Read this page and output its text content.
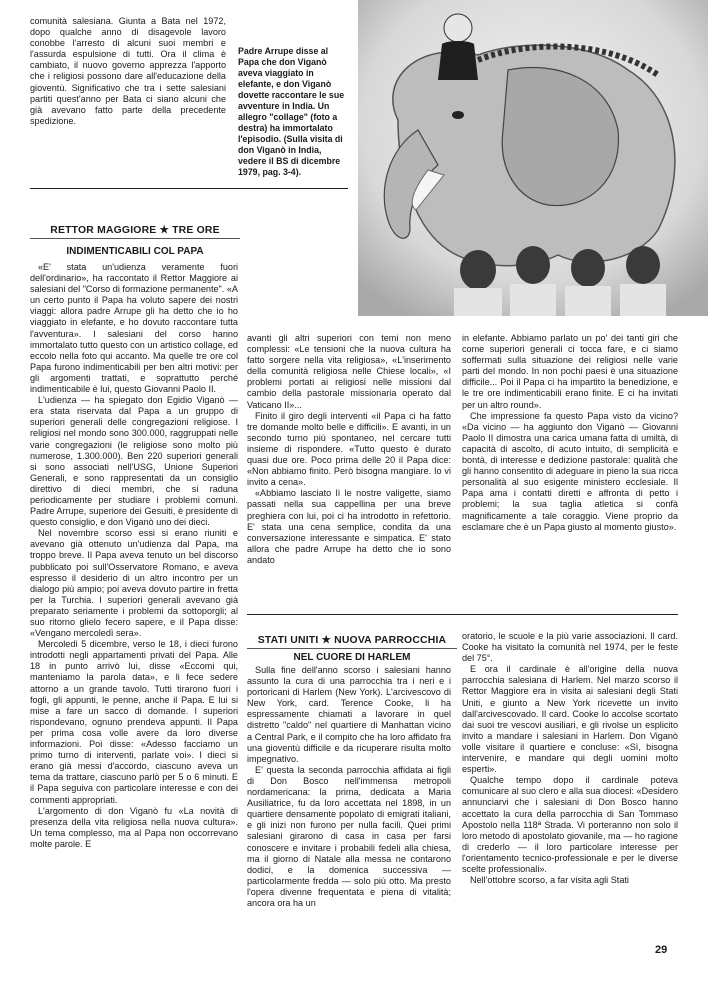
comunità salesiana. Giunta a Bata nel 1972, dopo qualche anno di disagevole lavoro conobbe l'arresto di alcuni suoi membri e l'assurda espulsione di tutti. Ora il clima è cambiato, il nuovo governo apprezza l'apporto che i religiosi possono dare all'educazione della gioventù. Significativo che tra i sette salesiani partiti quest'anno per Bata ci siano alcuni che già avevano fatto parte della precedente spedizione.

Padre Arrupe disse al Papa che don Viganò aveva viaggiato in elefante, e don Viganò dovette raccontare le sue avventure in India. Un allegro "collage" (foto a destra) ha immortalato l'episodio. (Sulla visita di don Viganò in India, vedere il BS di dicembre 1979, pag. 3-4).
RETTOR MAGGIORE ★ TRE ORE
INDIMENTICABILI COL PAPA

«E' stata un'udienza veramente fuori dell'ordinario», ha raccontato il Rettor Maggiore ai salesiani del "Corso di formazione permanente". «A un certo punto il Papa ha voluto sapere dei nostri viaggi: allora padre Arrupe gli ha detto che io ho viaggiato in elefante, e ho dovuto raccontare tutta l'avventura». I salesiani del corso hanno immortalato tutto questo con un artistico collage, ed eccolo nella foto qui accanto. Ma quelle tre ore col Papa furono indimenticabili per ben altri motivi: per gli argomenti trattati, e soprattutto perché indimenticabile è lui, questo Giovanni Paolo II.

L'udienza — ha spiegato don Egidio Viganò — era stata riservata dal Papa a un gruppo di superiori generali delle congregazioni religiose. I religiosi nel mondo sono 300.000, raggruppati nelle varie congregazioni (le religiose sono molto più numerose, 1.300.000). Ben 220 superiori generali si sono associati nell'USG, Unione Superiori Generali, e sono rappresentati da un consiglio direttivo di dieci membri, che si raduna periodicamente per studiare i problemi comuni. Padre Arrupe, superiore dei Gesuiti, è presidente di questo consiglio, e don Viganò uno dei dieci.

Nel novembre scorso essi si erano riuniti e avevano già ottenuto un'udienza dal Papa, ma troppo breve. Il Papa aveva tenuto un bel discorso pubblicato poi sull'Osservatore Romano, e aveva espresso il desiderio di un altro incontro per un dialogo più ampio; poi aveva dovuto partire in fretta per la Turchia. I superiori generali avevano già preparato seriamente i problemi da sottoporgli; al suo ritorno glielo fecero sapere, e il Papa disse: «Vengano mercoledì sera».

Mercoledì 5 dicembre, verso le 18, i dieci furono introdotti negli appartamenti privati del Papa. Alle 18 in punto arrivò lui, disse «Eccomi qui, manteniamo la parola data», e li fece sedere attorno a un grande tavolo. Tutti tirarono fuori i fogli, gli appunti, le penne, anche il Papa. E lui si mise a fare un sacco di domande. I superiori rispondevano, ognuno prendeva appunti. Il Papa per prima cosa volle avere da loro diverse informazioni. Poi disse: «Adesso facciamo un primo turno di interventi, parlate voi». I dieci si erano già messi d'accordo, ciascuno aveva un tema da trattare, ciascuno parlò per 5 o 6 minuti. E il Papa seguiva con particolare interesse e con dei commenti appropriati.

L'argomento di don Viganò fu «La novità di presenza della vita religiosa nella nuova cultura». Un tema complesso, ma al Papa non occorrevano molte parole. E

avanti gli altri superiori con temi non meno complessi: «Le tensioni che la nuova cultura ha fatto sorgere nella vita religiosa», «L'inserimento della comunità religiosa nelle Chiese locali», «I problemi portati ai religiosi nelle missioni dal cambio della pastorale missionaria operato dal Vaticano II»...

Finito il giro degli interventi «il Papa ci ha fatto tre domande molto belle e difficili». E avanti, in un secondo turno più spontaneo, nel cercare tutti insieme di rispondere. «Tutto questo è durato quasi due ore. Poco prima delle 20 il Papa dice: «Non abbiamo finito. Però bisogna mangiare. Io vi invito a cena».

«Abbiamo lasciato lì le nostre valigette, siamo passati nella sua cappellina per una breve preghiera con lui, poi ci ha introdotto in refettorio. E' stata una cena semplice, condita da una conversazione interessante e simpatica. E' stato allora che padre Arrupe ha detto che io sono andato

in elefante. Abbiamo parlato un po' dei tanti giri che come superiori generali ci tocca fare, e ci siamo soffermati sulla situazione dei religiosi nelle varie parti del mondo. In non pochi paesi è una situazione difficile... Poi il Papa ci ha impartito la benedizione, e le tre ore indimenticabili erano finite. E ci ha invitati per un altro round».

Che impressione fa questo Papa visto da vicino? «Da vicino — ha aggiunto don Viganò — Giovanni Paolo II dimostra una carica umana fatta di umiltà, di capacità di ascolto, di acuto intuito, di semplicità e bontà, di interesse e dedizione pastorale: qualità che gli hanno consentito di adeguare in pieno la sua ricca personalità al suo esigente ministero ecclesiale. Il Papa ama i contatti diretti e affronta di petto i problemi; la sua taglia atletica si confà magnificamente a tale coraggio. Viene proprio da esclamare che è un Papa giusto al momento giusto».

STATI UNITI ★ NUOVA PARROCCHIA
NEL CUORE DI HARLEM

Sulla fine dell'anno scorso i salesiani hanno assunto la cura di una parrocchia tra i neri e i portoricani di Harlem (New York). L'arcivescovo di New York, card. Terence Cooke, li ha espressamente chiamati a lavorare in quel distretto "caldo" nel quartiere di Manhattan vicino a Central Park, e il compito che ha loro affidato fra una gioventù difficile e da ricuperare risulta molto impegnativo.

E' questa la seconda parrocchia affidata ai figli di Don Bosco nell'immensa metropoli nordamericana: la prima, dedicata a Maria Ausiliatrice, fu da loro accettata nel 1898, in un quartiere densamente popolato di emigrati italiani, e gli inizi non furono per nulla facili. Quei primi salesiani girarono di casa in casa per farsi conoscere e invitare i probabili fedeli alla chiesa, ma il giorno di Natale alla messa ne contarono dodici, e la domenica successiva — particolarmente fredda — solo più otto. Ma presto l'opera divenne frequentata e piena di vitalità; ancora ora ha un

oratorio, le scuole e la più varie associazioni. Il card. Cooke ha visitato la comunità nel 1974, per le feste del 75°.

E ora il cardinale è all'origine della nuova parrocchia salesiana di Harlem. Nel marzo scorso il Rettor Maggiore era in visita ai salesiani degli Stati Uniti, e giunto a New York ricevette un invito dall'arcivescovado. Il card. Cooke lo accolse scortato dai suoi tre vescovi ausiliari, e gli rivolse un esplicito invito a mandare i salesiani in Harlem. Don Viganò volle visitare il quartiere e concluse: «Sì, bisogna intervenire, e mandare qui degli uomini molto esperti».

Qualche tempo dopo il cardinale poteva comunicare al suo clero e alla sua diocesi: «Desidero annunciarvi che i salesiani di Don Bosco hanno accettato la cura della parrocchia di San Tommaso Apostolo nella 118ª Strada. Vi porteranno non solo il loro metodo di apostolato giovanile, ma — ho ragione di crederlo — il loro particolare interesse per l'orientamento tecnico-professionale e per le diverse scelte professionali».

Nell'ottobre scorso, a far visita agli Stati

29
